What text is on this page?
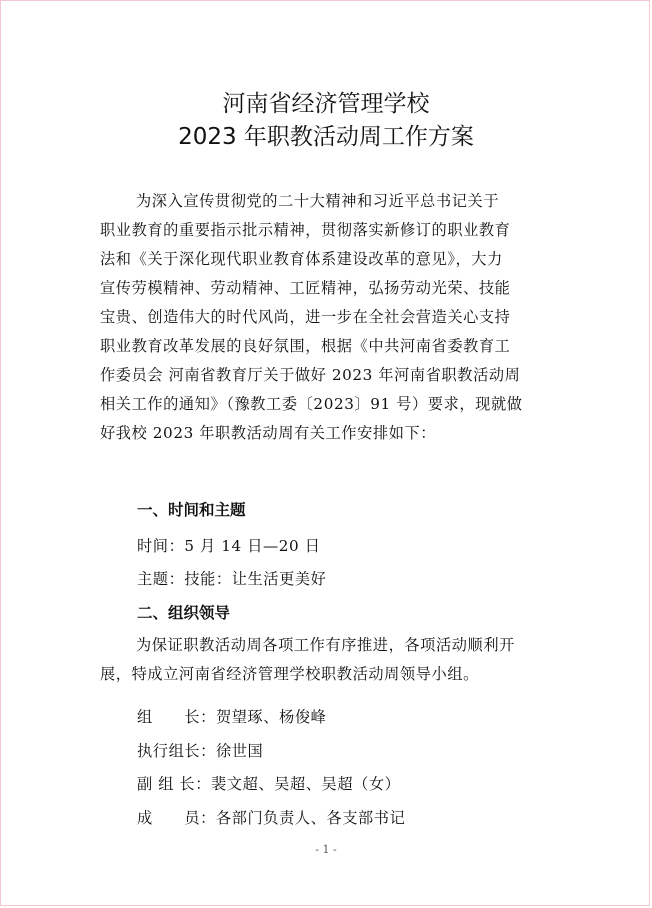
河南省经济管理学校
2023 年职教活动周工作方案
为深入宣传贯彻党的二十大精神和习近平总书记关于
职业教育的重要指示批示精神，贯彻落实新修订的职业教育
法和《关于深化现代职业教育体系建设改革的意见》，大力
宣传劳模精神、劳动精神、工匠精神，弘扬劳动光荣、技能
宝贵、创造伟大的时代风尚，进一步在全社会营造关心支持
职业教育改革发展的良好氛围，根据《中共河南省委教育工
作委员会 河南省教育厅关于做好 2023 年河南省职教活动周
相关工作的通知》（豫教工委〔2023〕91 号）要求，现就做
好我校 2023 年职教活动周有关工作安排如下：
一、时间和主题
时间：5 月 14 日—20 日
主题：技能：让生活更美好
二、组织领导
为保证职教活动周各项工作有序推进，各项活动顺利开
展，特成立河南省经济管理学校职教活动周领导小组。
组　　长：贺望琢、杨俊峰
执行组长：徐世国
副 组 长：裴文超、吴超、吴超（女）
成　　员：各部门负责人、各支部书记
- 1 -
